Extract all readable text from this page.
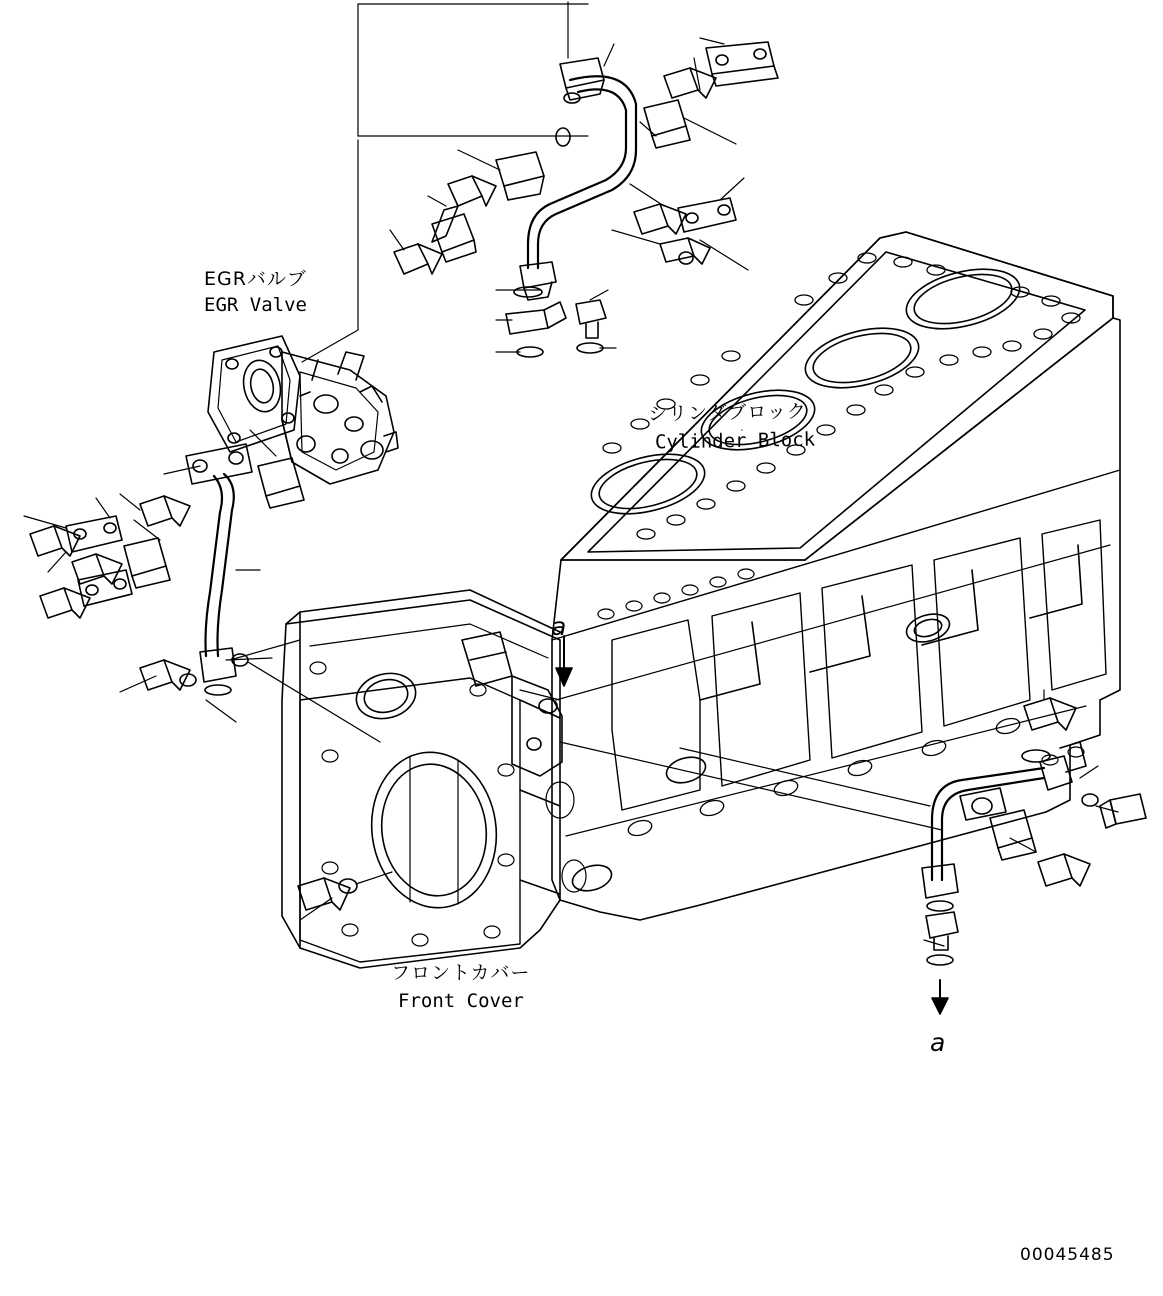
EGRバルブ
EGR Valve
シリンダブロック
Cylinder Block
フロントカバー
Front Cover
a
a
00045485
